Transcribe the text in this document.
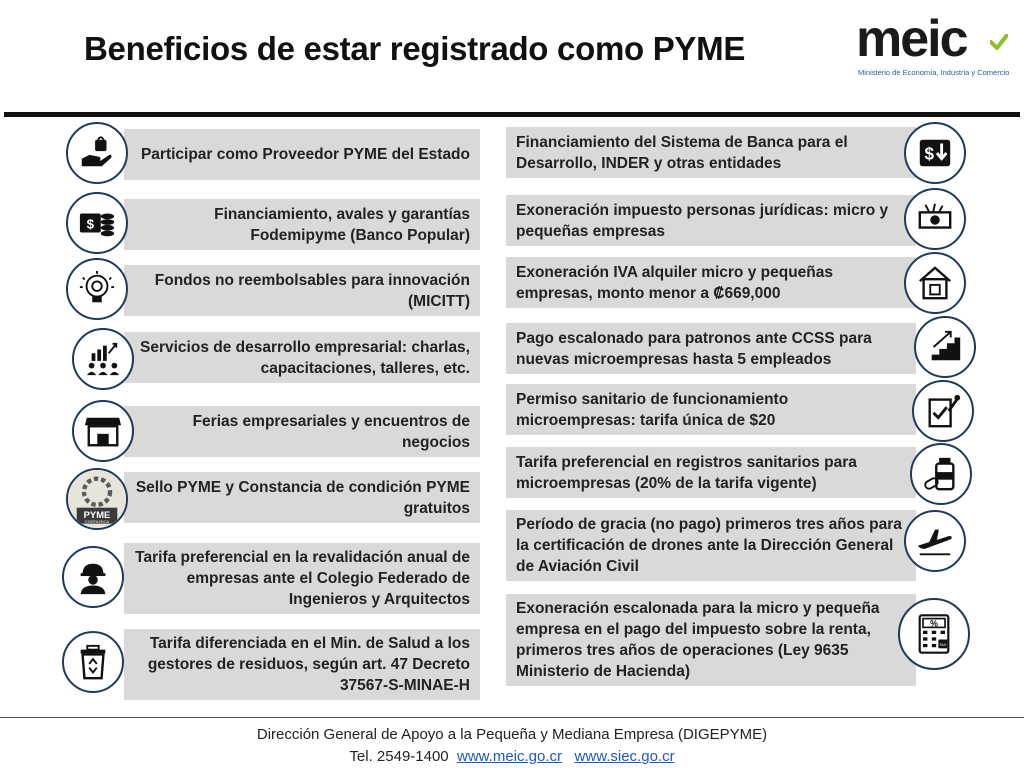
Beneficios de estar registrado como PYME meic
Ministerio de Economía, Industria y Comercio
Participar como Proveedor PYME del Estado
Financiamiento, avales y garantías Fodemipyme (Banco Popular)
$
Fondos no reembolsables para innovación (MICITT)
Servicios de desarrollo empresarial: charlas, capacitaciones, talleres, etc.
Ferias empresariales y encuentros de negocios
Sello PYME y Constancia de condición PYME gratuitos
PYME
COSTA RICA
Tarifa preferencial en la revalidación anual de empresas ante el Colegio Federado de Ingenieros y Arquitectos
Tarifa diferenciada en el Min. de Salud a los gestores de residuos, según art. 47 Decreto 37567-S-MINAE-H
Financiamiento del Sistema de Banca para el Desarrollo, INDER y otras entidades	$
Exoneración impuesto personas jurídicas: micro y pequeñas empresas
Exoneración IVA alquiler micro y pequeñas empresas, monto menor a ₡669,000
Pago escalonado para patronos ante CCSS para nuevas microempresas hasta 5 empleados
Permiso sanitario de funcionamiento microempresas: tarifa única de $20
Tarifa preferencial en registros sanitarios para microempresas (20% de la tarifa vigente)
Período de gracia (no pago) primeros tres años para la certificación de drones ante la Dirección General de Aviación Civil
Exoneración escalonada para la micro y pequeña empresa en el pago del impuesto sobre la renta, primeros tres años de operaciones (Ley 9635 Ministerio de Hacienda)
%
TAX
Dirección General de Apoyo a la Pequeña y Mediana Empresa (DIGEPYME)
Tel. 2549-1400 www.meic.go.cr www.siec.go.cr
